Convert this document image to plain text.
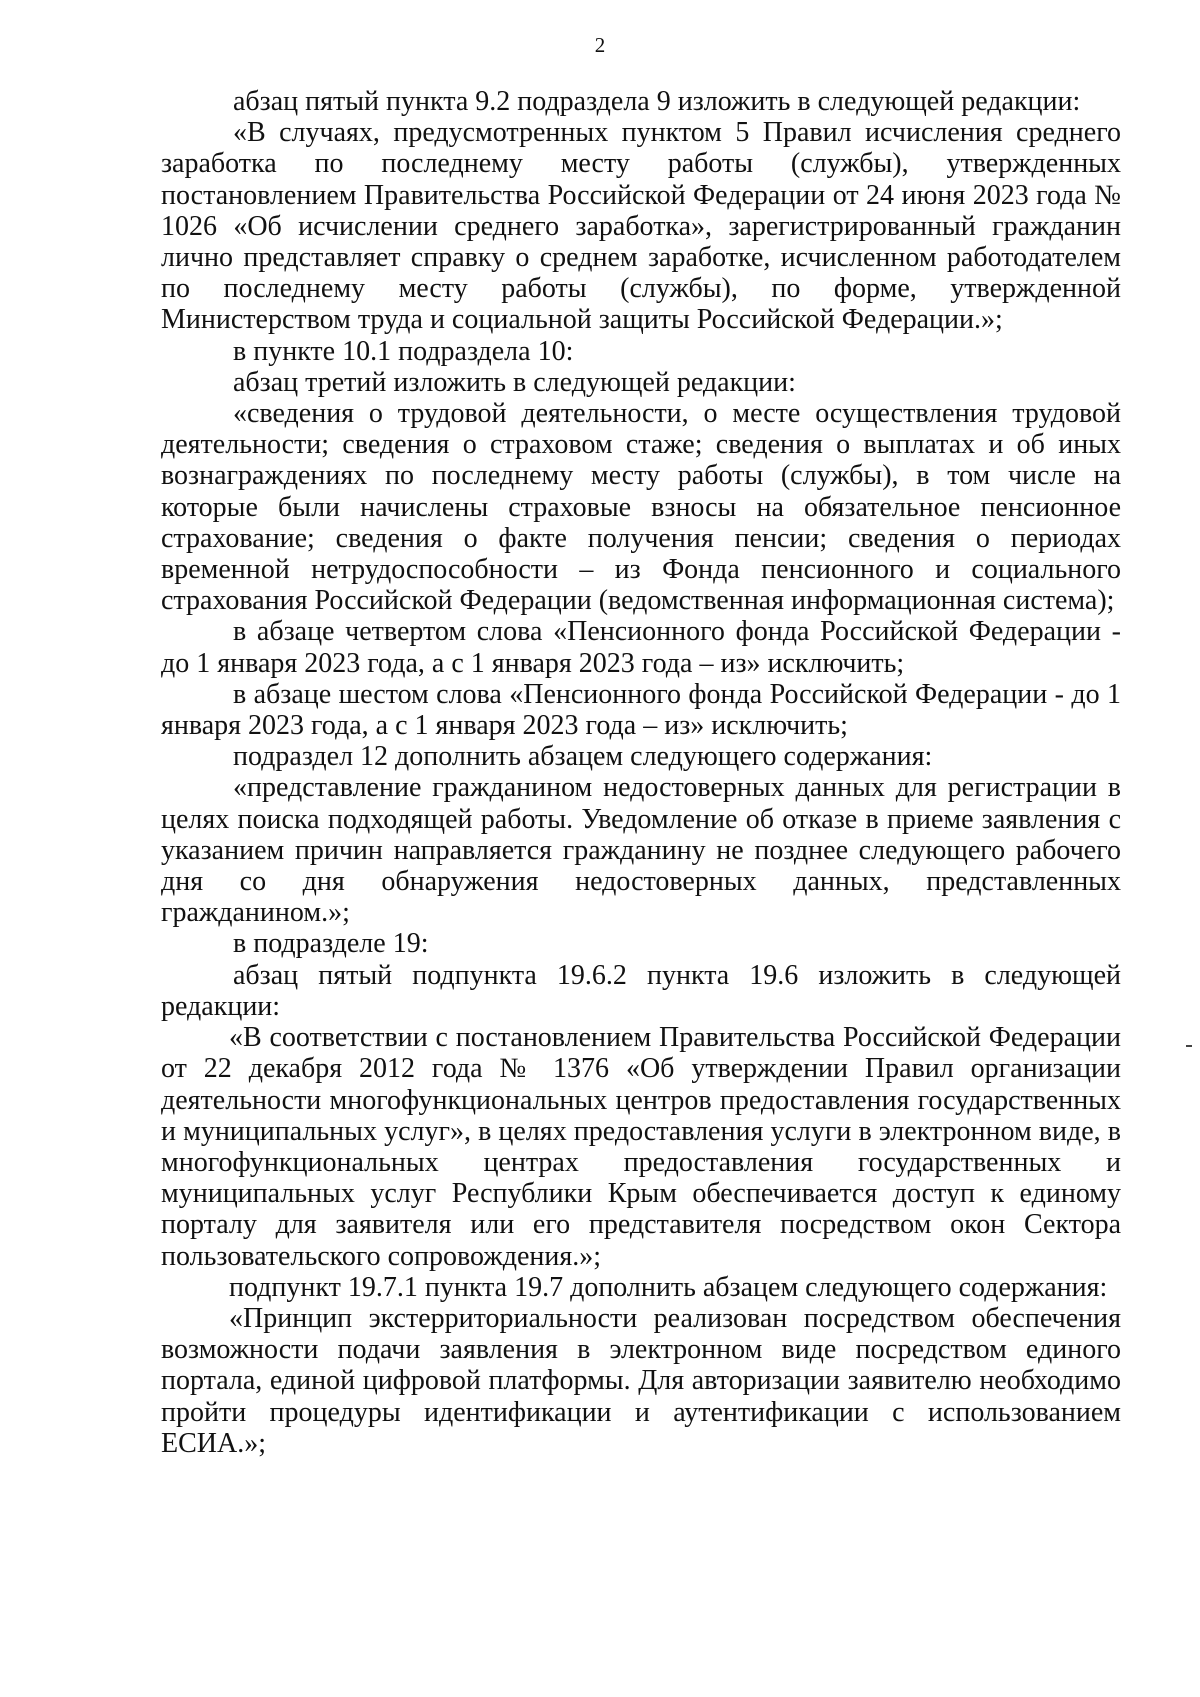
2

абзац пятый пункта 9.2 подраздела 9 изложить в следующей редакции:

«В случаях, предусмотренных пунктом 5 Правил исчисления среднего заработка по последнему месту работы (службы), утвержденных постановлением Правительства Российской Федерации от 24 июня 2023 года № 1026 «Об исчислении среднего заработка», зарегистрированный гражданин лично представляет справку о среднем заработке, исчисленном работодателем по последнему месту работы (службы), по форме, утвержденной Министерством труда и социальной защиты Российской Федерации.»;

в пункте 10.1 подраздела 10:

абзац третий изложить в следующей редакции:

«сведения о трудовой деятельности, о месте осуществления трудовой деятельности; сведения о страховом стаже; сведения о выплатах и об иных вознаграждениях по последнему месту работы (службы), в том числе на которые были начислены страховые взносы на обязательное пенсионное страхование; сведения о факте получения пенсии; сведения о периодах временной нетрудоспособности – из Фонда пенсионного и социального страхования Российской Федерации (ведомственная информационная система);

в абзаце четвертом слова «Пенсионного фонда Российской Федерации - до 1 января 2023 года, а с 1 января 2023 года – из» исключить;

в абзаце шестом слова «Пенсионного фонда Российской Федерации - до 1 января 2023 года, а с 1 января 2023 года – из» исключить;

подраздел 12 дополнить абзацем следующего содержания:

«представление гражданином недостоверных данных для регистрации в целях поиска подходящей работы. Уведомление об отказе в приеме заявления с указанием причин направляется гражданину не позднее следующего рабочего дня со дня обнаружения недостоверных данных, представленных гражданином.»;

в подразделе 19:

абзац пятый подпункта 19.6.2 пункта 19.6 изложить в следующей редакции:

«В соответствии с постановлением Правительства Российской Федерации от 22 декабря 2012 года № 1376 «Об утверждении Правил организации деятельности многофункциональных центров предоставления государственных и муниципальных услуг», в целях предоставления услуги в электронном виде, в многофункциональных центрах предоставления государственных и муниципальных услуг Республики Крым обеспечивается доступ к единому порталу для заявителя или его представителя посредством окон Сектора пользовательского сопровождения.»;

подпункт 19.7.1 пункта 19.7 дополнить абзацем следующего содержания:

«Принцип экстерриториальности реализован посредством обеспечения возможности подачи заявления в электронном виде посредством единого портала, единой цифровой платформы. Для авторизации заявителю необходимо пройти процедуры идентификации и аутентификации с использованием ЕСИА.»;
